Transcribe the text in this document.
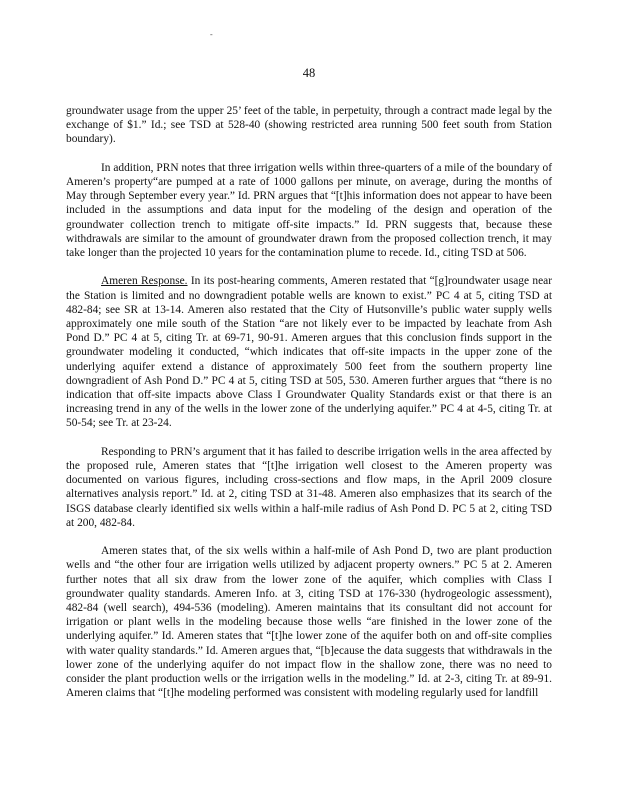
-
48

groundwater usage from the upper 25’ feet of the table, in perpetuity, through a contract made legal by the exchange of $1.” Id.; see TSD at 528-40 (showing restricted area running 500 feet south from Station boundary).

In addition, PRN notes that three irrigation wells within three-quarters of a mile of the boundary of Ameren’s property“are pumped at a rate of 1000 gallons per minute, on average, during the months of May through September every year.” Id. PRN argues that “[t]his information does not appear to have been included in the assumptions and data input for the modeling of the design and operation of the groundwater collection trench to mitigate off-site impacts.” Id. PRN suggests that, because these withdrawals are similar to the amount of groundwater drawn from the proposed collection trench, it may take longer than the projected 10 years for the contamination plume to recede. Id., citing TSD at 506.

Ameren Response. In its post-hearing comments, Ameren restated that “[g]roundwater usage near the Station is limited and no downgradient potable wells are known to exist.” PC 4 at 5, citing TSD at 482-84; see SR at 13-14. Ameren also restated that the City of Hutsonville’s public water supply wells approximately one mile south of the Station “are not likely ever to be impacted by leachate from Ash Pond D.” PC 4 at 5, citing Tr. at 69-71, 90-91. Ameren argues that this conclusion finds support in the groundwater modeling it conducted, “which indicates that off-site impacts in the upper zone of the underlying aquifer extend a distance of approximately 500 feet from the southern property line downgradient of Ash Pond D.” PC 4 at 5, citing TSD at 505, 530. Ameren further argues that “there is no indication that off-site impacts above Class I Groundwater Quality Standards exist or that there is an increasing trend in any of the wells in the lower zone of the underlying aquifer.” PC 4 at 4-5, citing Tr. at 50-54; see Tr. at 23-24.

Responding to PRN’s argument that it has failed to describe irrigation wells in the area affected by the proposed rule, Ameren states that “[t]he irrigation well closest to the Ameren property was documented on various figures, including cross-sections and flow maps, in the April 2009 closure alternatives analysis report.” Id. at 2, citing TSD at 31-48. Ameren also emphasizes that its search of the ISGS database clearly identified six wells within a half-mile radius of Ash Pond D. PC 5 at 2, citing TSD at 200, 482-84.

Ameren states that, of the six wells within a half-mile of Ash Pond D, two are plant production wells and “the other four are irrigation wells utilized by adjacent property owners.” PC 5 at 2. Ameren further notes that all six draw from the lower zone of the aquifer, which complies with Class I groundwater quality standards. Ameren Info. at 3, citing TSD at 176-330 (hydrogeologic assessment), 482-84 (well search), 494-536 (modeling). Ameren maintains that its consultant did not account for irrigation or plant wells in the modeling because those wells “are finished in the lower zone of the underlying aquifer.” Id. Ameren states that “[t]he lower zone of the aquifer both on and off-site complies with water quality standards.” Id. Ameren argues that, “[b]ecause the data suggests that withdrawals in the lower zone of the underlying aquifer do not impact flow in the shallow zone, there was no need to consider the plant production wells or the irrigation wells in the modeling.” Id. at 2-3, citing Tr. at 89-91. Ameren claims that “[t]he modeling performed was consistent with modeling regularly used for landfill
